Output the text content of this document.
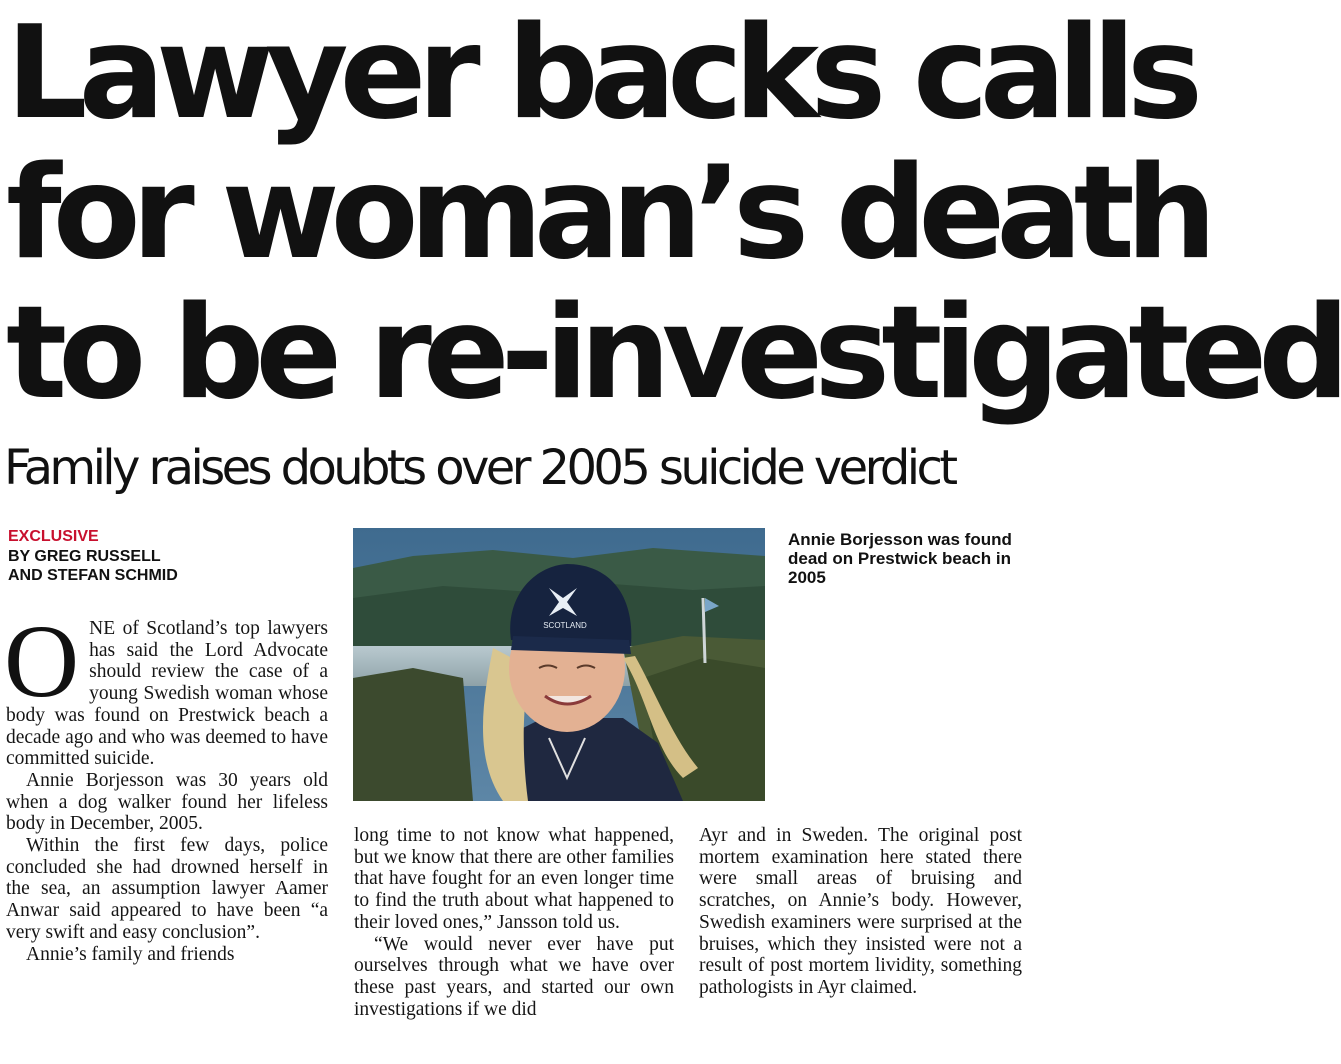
Lawyer backs calls
for woman’s death
to be re-investigated
Family raises doubts over 2005 suicide verdict
EXCLUSIVE
BY GREG RUSSELL
AND STEFAN SCHMID
SCOTLAND
Annie Borjesson was found dead on Prestwick beach in 2005

ONE of Scotland’s top lawyers has said the Lord Advocate should review the case of a young Swedish woman whose body was found on Prestwick beach a decade ago and who was deemed to have committed suicide.

Annie Borjesson was 30 years old when a dog walker found her lifeless body in December, 2005.

Within the first few days, police concluded she had drowned herself in the sea, an assumption lawyer Aamer Anwar said appeared to have been “a very swift and easy conclusion”.

Annie’s family and friends

long time to not know what happened, but we know that there are other families that have fought for an even longer time to find the truth about what happened to their loved ones,” Jansson told us.

“We would never ever have put ourselves through what we have over these past years, and started our own investigations if we did

Ayr and in Sweden. The original post mortem examination here stated there were small areas of bruising and scratches, on Annie’s body. However, Swedish examiners were surprised at the bruises, which they insisted were not a result of post mortem lividity, something pathologists in Ayr claimed.
